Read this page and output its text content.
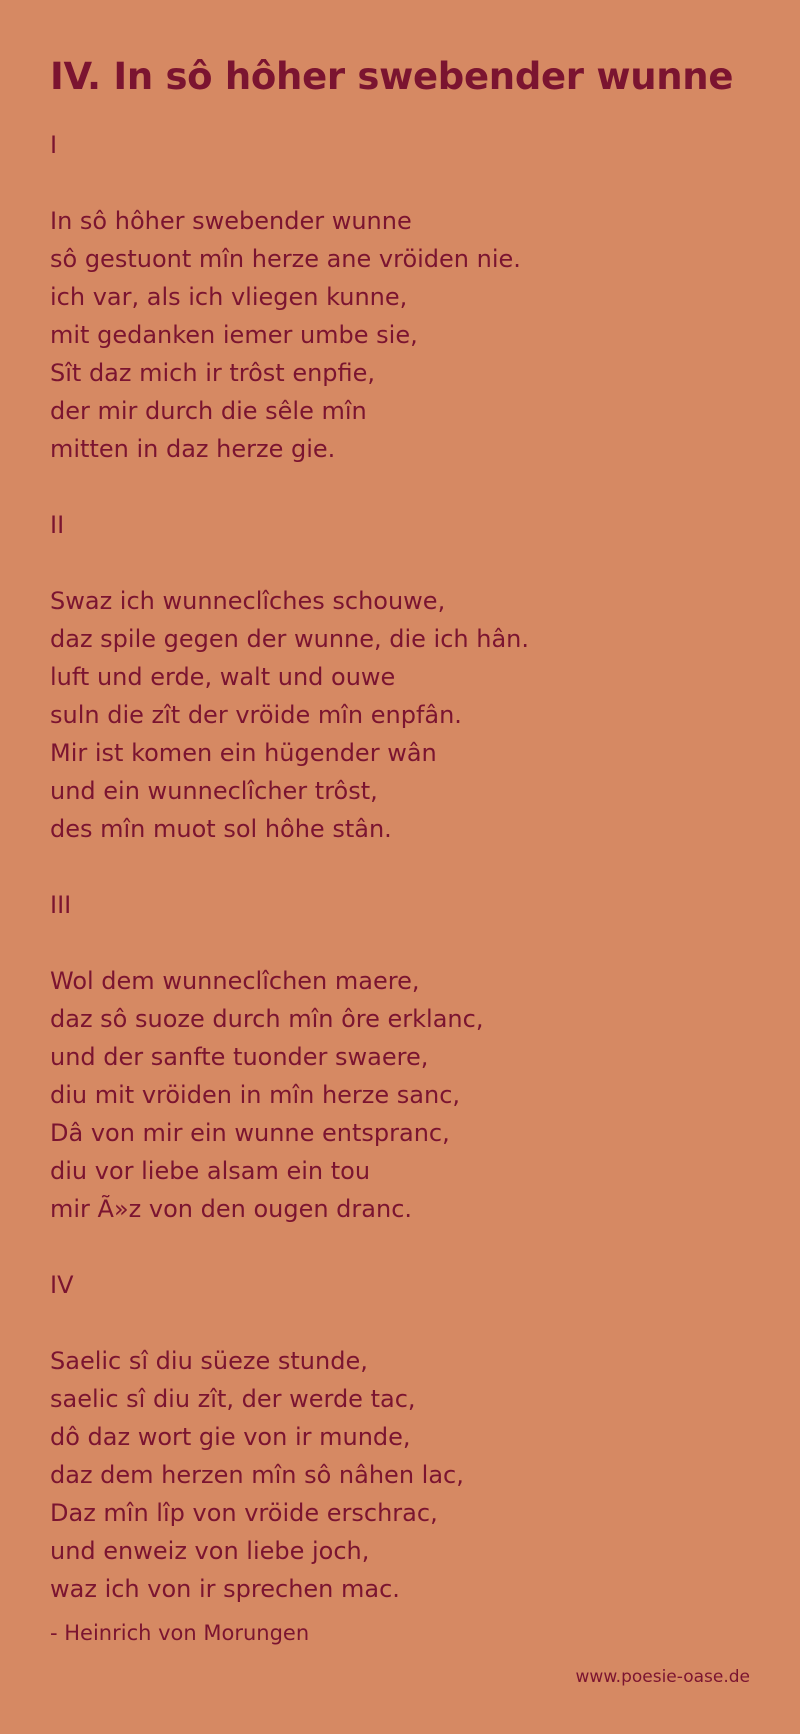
IV. In sô hôher swebender wunne
I
In sô hôher swebender wunne
sô gestuont mîn herze ane vröiden nie.
ich var, als ich vliegen kunne,
mit gedanken iemer umbe sie,
Sît daz mich ir trôst enpfie,
der mir durch die sêle mîn
mitten in daz herze gie.
II
Swaz ich wunneclîches schouwe,
daz spile gegen der wunne, die ich hân.
luft und erde, walt und ouwe
suln die zît der vröide mîn enpfân.
Mir ist komen ein hügender wân
und ein wunneclîcher trôst,
des mîn muot sol hôhe stân.
III
Wol dem wunneclîchen maere,
daz sô suoze durch mîn ôre erklanc,
und der sanfte tuonder swaere,
diu mit vröiden in mîn herze sanc,
Dâ von mir ein wunne entspranc,
diu vor liebe alsam ein tou
mir Ã»z von den ougen dranc.
IV
Saelic sî diu süeze stunde,
saelic sî diu zît, der werde tac,
dô daz wort gie von ir munde,
daz dem herzen mîn sô nâhen lac,
Daz mîn lîp von vröide erschrac,
und enweiz von liebe joch,
waz ich von ir sprechen mac.
- Heinrich von Morungen
www.poesie-oase.de
